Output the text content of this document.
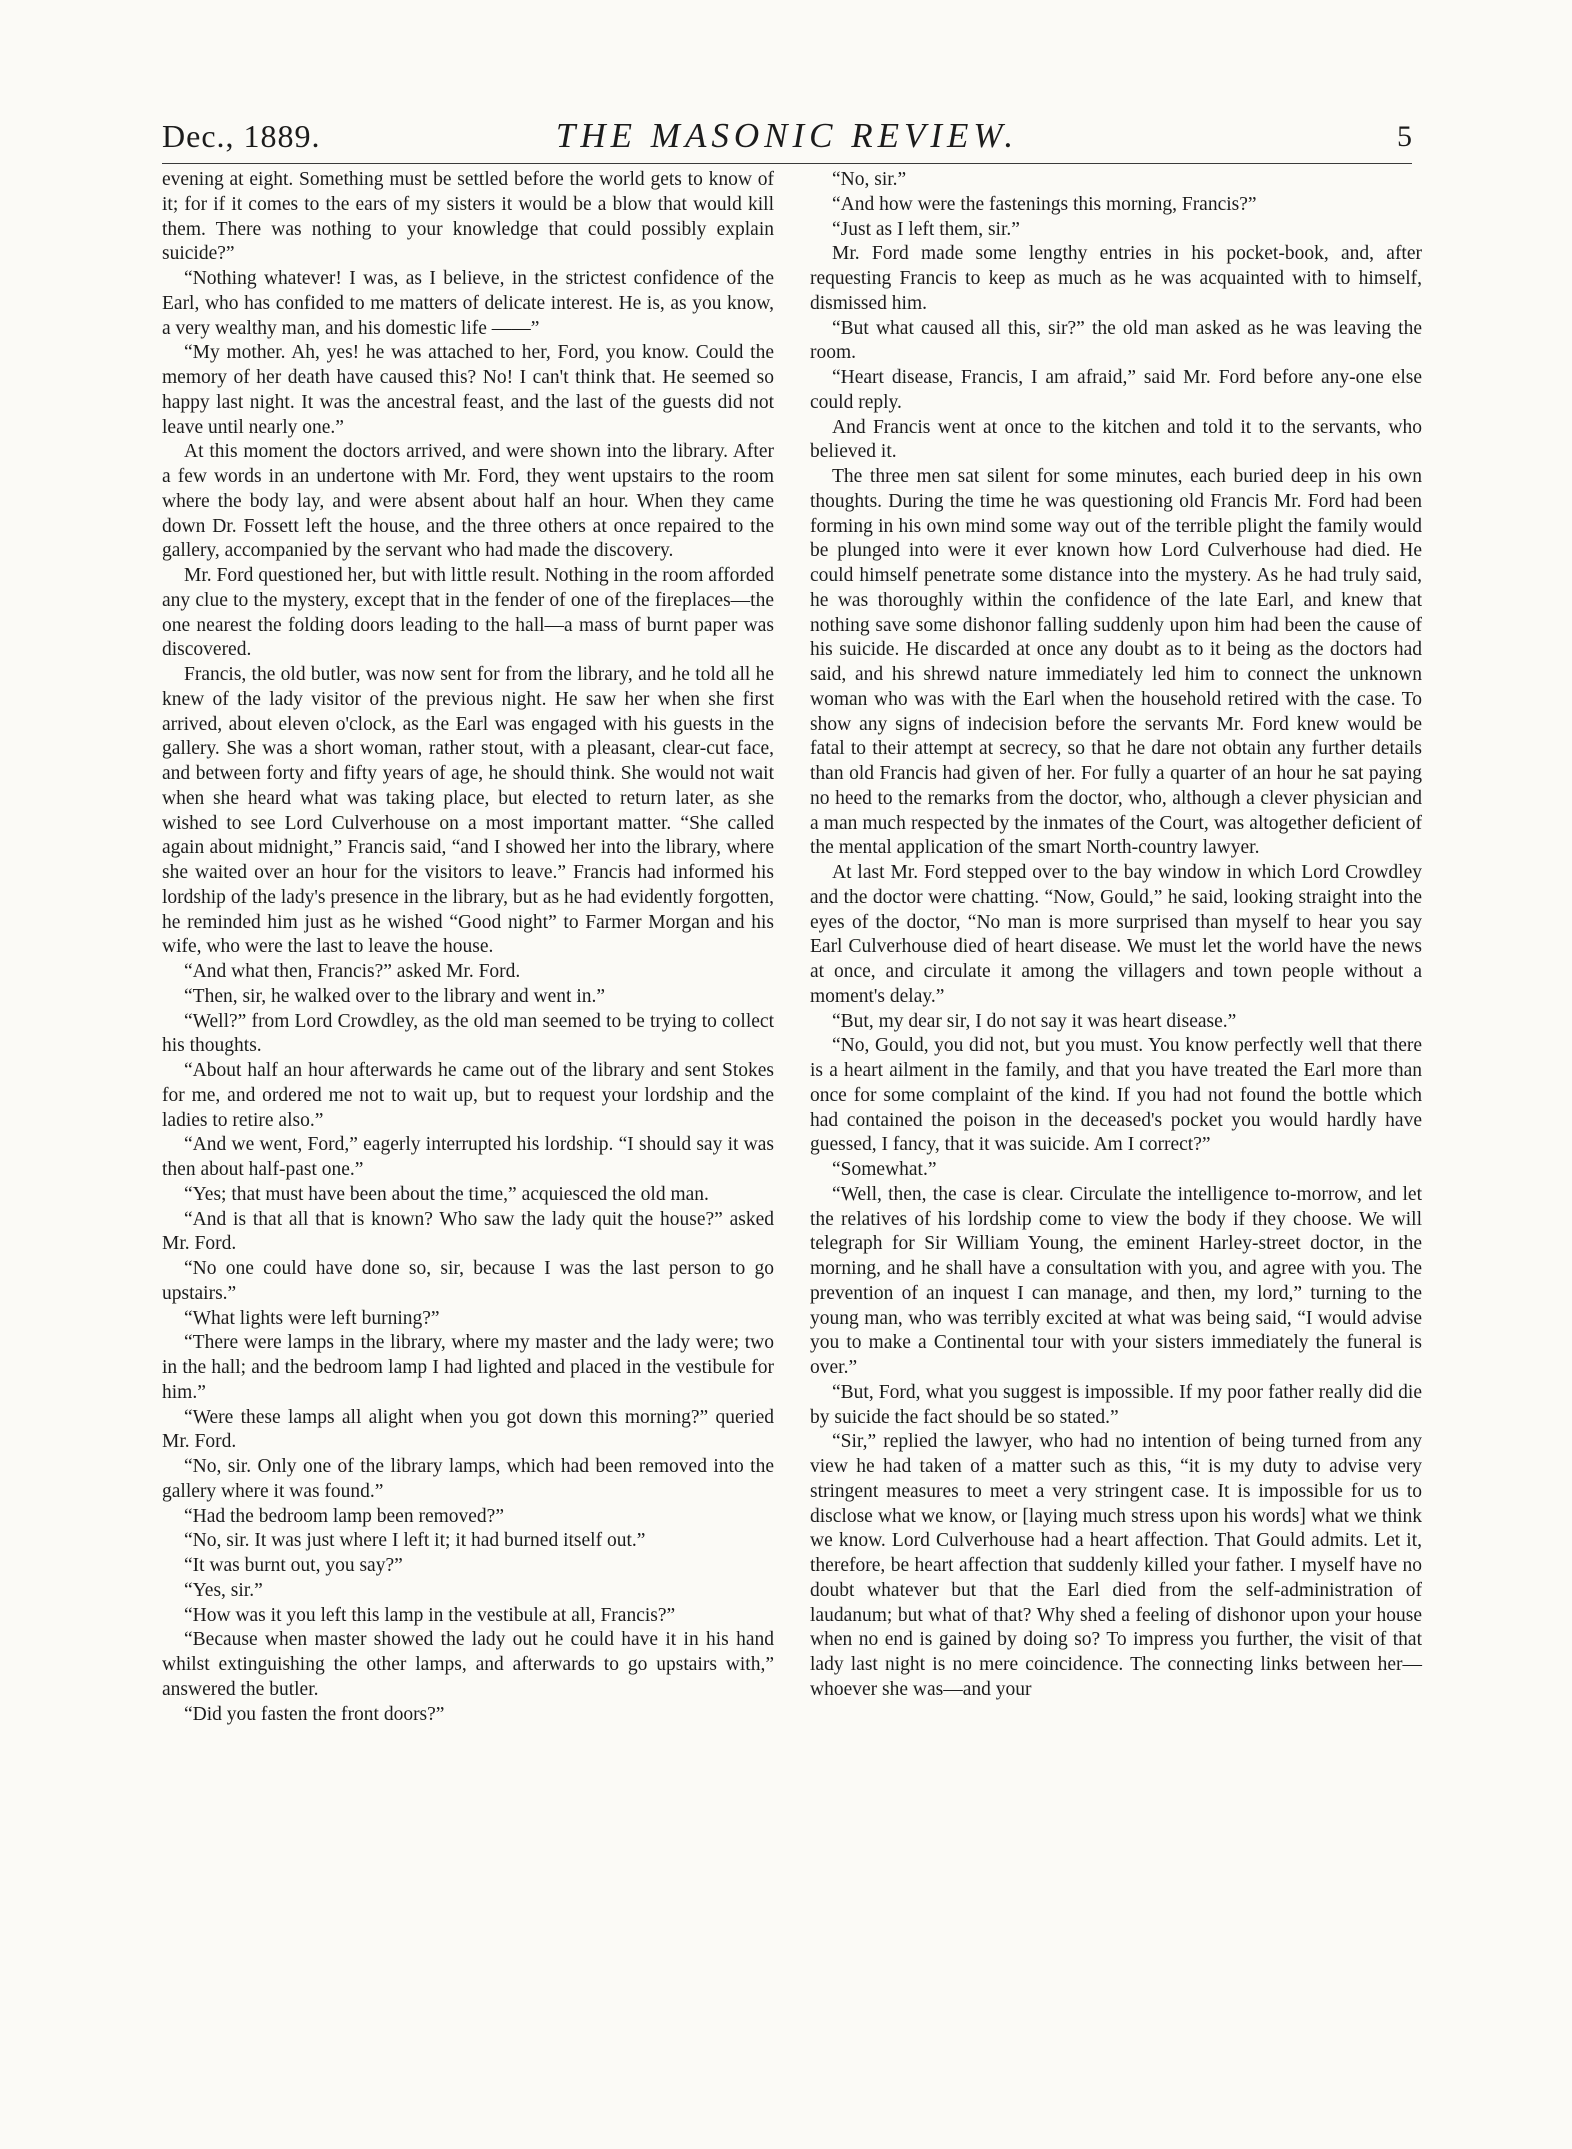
Dec., 1889.	THE MASONIC REVIEW.	5

evening at eight. Something must be settled before the world gets to know of it; for if it comes to the ears of my sisters it would be a blow that would kill them. There was nothing to your knowledge that could possibly explain suicide?”

“Nothing whatever! I was, as I believe, in the strictest confidence of the Earl, who has confided to me matters of delicate interest. He is, as you know, a very wealthy man, and his domestic life ——”

“My mother. Ah, yes! he was attached to her, Ford, you know. Could the memory of her death have caused this? No! I can't think that. He seemed so happy last night. It was the ancestral feast, and the last of the guests did not leave until nearly one.”

At this moment the doctors arrived, and were shown into the library. After a few words in an undertone with Mr. Ford, they went upstairs to the room where the body lay, and were absent about half an hour. When they came down Dr. Fossett left the house, and the three others at once repaired to the gallery, accompanied by the servant who had made the discovery.

Mr. Ford questioned her, but with little result. Nothing in the room afforded any clue to the mystery, except that in the fender of one of the fireplaces—the one nearest the folding doors leading to the hall—a mass of burnt paper was discovered.

Francis, the old butler, was now sent for from the library, and he told all he knew of the lady visitor of the previous night. He saw her when she first arrived, about eleven o'clock, as the Earl was engaged with his guests in the gallery. She was a short woman, rather stout, with a pleasant, clear-cut face, and between forty and fifty years of age, he should think. She would not wait when she heard what was taking place, but elected to return later, as she wished to see Lord Culverhouse on a most important matter. “She called again about midnight,” Francis said, “and I showed her into the library, where she waited over an hour for the visitors to leave.” Francis had informed his lordship of the lady's presence in the library, but as he had evidently forgotten, he reminded him just as he wished “Good night” to Farmer Morgan and his wife, who were the last to leave the house.

“And what then, Francis?” asked Mr. Ford.

“Then, sir, he walked over to the library and went in.”

“Well?” from Lord Crowdley, as the old man seemed to be trying to collect his thoughts.

“About half an hour afterwards he came out of the library and sent Stokes for me, and ordered me not to wait up, but to request your lordship and the ladies to retire also.”

“And we went, Ford,” eagerly interrupted his lordship. “I should say it was then about half-past one.”

“Yes; that must have been about the time,” acquiesced the old man.

“And is that all that is known? Who saw the lady quit the house?” asked Mr. Ford.

“No one could have done so, sir, because I was the last person to go upstairs.”

“What lights were left burning?”

“There were lamps in the library, where my master and the lady were; two in the hall; and the bedroom lamp I had lighted and placed in the vestibule for him.”

“Were these lamps all alight when you got down this morning?” queried Mr. Ford.

“No, sir. Only one of the library lamps, which had been removed into the gallery where it was found.”

“Had the bedroom lamp been removed?”

“No, sir. It was just where I left it; it had burned itself out.”

“It was burnt out, you say?”

“Yes, sir.”

“How was it you left this lamp in the vestibule at all, Francis?”

“Because when master showed the lady out he could have it in his hand whilst extinguishing the other lamps, and afterwards to go upstairs with,” answered the butler.

“Did you fasten the front doors?”

“No, sir.”

“And how were the fastenings this morning, Francis?”

“Just as I left them, sir.”

Mr. Ford made some lengthy entries in his pocket-book, and, after requesting Francis to keep as much as he was acquainted with to himself, dismissed him.

“But what caused all this, sir?” the old man asked as he was leaving the room.

“Heart disease, Francis, I am afraid,” said Mr. Ford before any-one else could reply.

And Francis went at once to the kitchen and told it to the servants, who believed it.

The three men sat silent for some minutes, each buried deep in his own thoughts. During the time he was questioning old Francis Mr. Ford had been forming in his own mind some way out of the terrible plight the family would be plunged into were it ever known how Lord Culverhouse had died. He could himself penetrate some distance into the mystery. As he had truly said, he was thoroughly within the confidence of the late Earl, and knew that nothing save some dishonor falling suddenly upon him had been the cause of his suicide. He discarded at once any doubt as to it being as the doctors had said, and his shrewd nature immediately led him to connect the unknown woman who was with the Earl when the household retired with the case. To show any signs of indecision before the servants Mr. Ford knew would be fatal to their attempt at secrecy, so that he dare not obtain any further details than old Francis had given of her. For fully a quarter of an hour he sat paying no heed to the remarks from the doctor, who, although a clever physician and a man much respected by the inmates of the Court, was altogether deficient of the mental application of the smart North-country lawyer.

At last Mr. Ford stepped over to the bay window in which Lord Crowdley and the doctor were chatting. “Now, Gould,” he said, looking straight into the eyes of the doctor, “No man is more surprised than myself to hear you say Earl Culverhouse died of heart disease. We must let the world have the news at once, and circulate it among the villagers and town people without a moment's delay.”

“But, my dear sir, I do not say it was heart disease.”

“No, Gould, you did not, but you must. You know perfectly well that there is a heart ailment in the family, and that you have treated the Earl more than once for some complaint of the kind. If you had not found the bottle which had contained the poison in the deceased's pocket you would hardly have guessed, I fancy, that it was suicide. Am I correct?”

“Somewhat.”

“Well, then, the case is clear. Circulate the intelligence to-morrow, and let the relatives of his lordship come to view the body if they choose. We will telegraph for Sir William Young, the eminent Harley-street doctor, in the morning, and he shall have a consultation with you, and agree with you. The prevention of an inquest I can manage, and then, my lord,” turning to the young man, who was terribly excited at what was being said, “I would advise you to make a Continental tour with your sisters immediately the funeral is over.”

“But, Ford, what you suggest is impossible. If my poor father really did die by suicide the fact should be so stated.”

“Sir,” replied the lawyer, who had no intention of being turned from any view he had taken of a matter such as this, “it is my duty to advise very stringent measures to meet a very stringent case. It is impossible for us to disclose what we know, or [laying much stress upon his words] what we think we know. Lord Culverhouse had a heart affection. That Gould admits. Let it, therefore, be heart affection that suddenly killed your father. I myself have no doubt whatever but that the Earl died from the self-administration of laudanum; but what of that? Why shed a feeling of dishonor upon your house when no end is gained by doing so? To impress you further, the visit of that lady last night is no mere coincidence. The connecting links between her—whoever she was—and your
